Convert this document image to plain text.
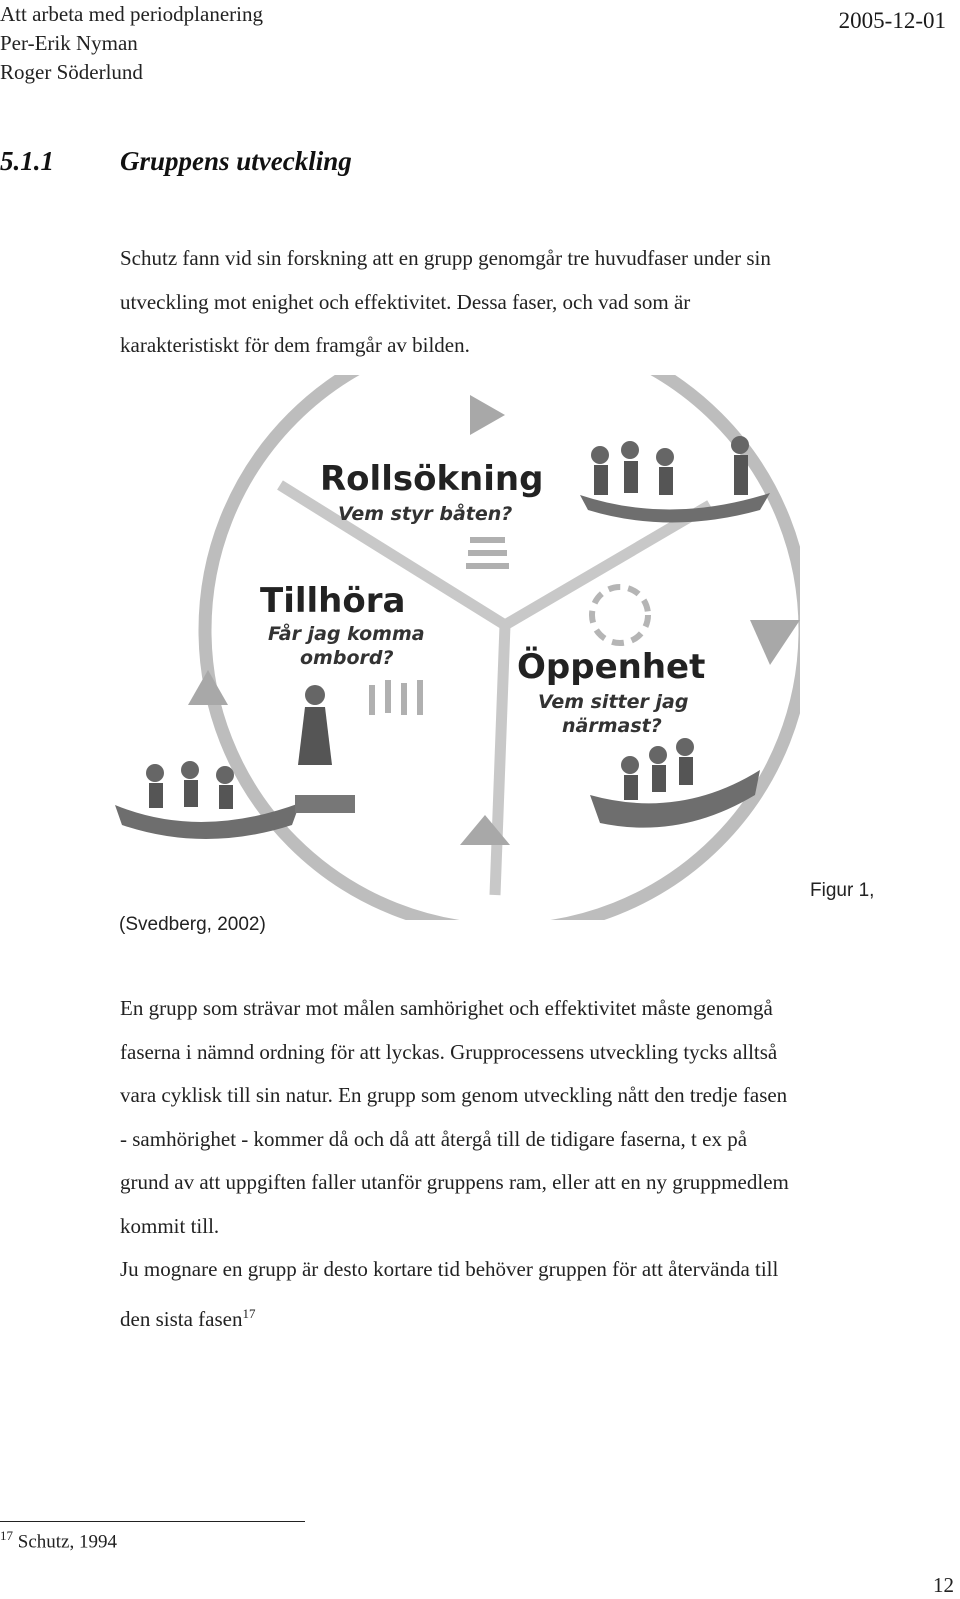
Att arbeta med periodplanering
Per-Erik Nyman
Roger Söderlund
2005-12-01
5.1.1 Gruppens utveckling
Schutz fann vid sin forskning att en grupp genomgår tre huvudfaser under sin
utveckling mot enighet och effektivitet. Dessa faser, och vad som är
karakteristiskt för dem framgår av bilden.
Rollsökning
Vem styr båten?
Tillhöra
Får jag komma
ombord?	Öppenhet
Vem sitter jag
närmast?
Figur 1,
(Svedberg, 2002)
En grupp som strävar mot målen samhörighet och effektivitet måste genomgå
faserna i nämnd ordning för att lyckas. Grupprocessens utveckling tycks alltså
vara cyklisk till sin natur. En grupp som genom utveckling nått den tredje fasen
- samhörighet - kommer då och då att återgå till de tidigare faserna, t ex på
grund av att uppgiften faller utanför gruppens ram, eller att en ny gruppmedlem
kommit till.
Ju mognare en grupp är desto kortare tid behöver gruppen för att återvända till
den sista fasen$^{17}$
$^{17}$ Schutz, 1994
12
